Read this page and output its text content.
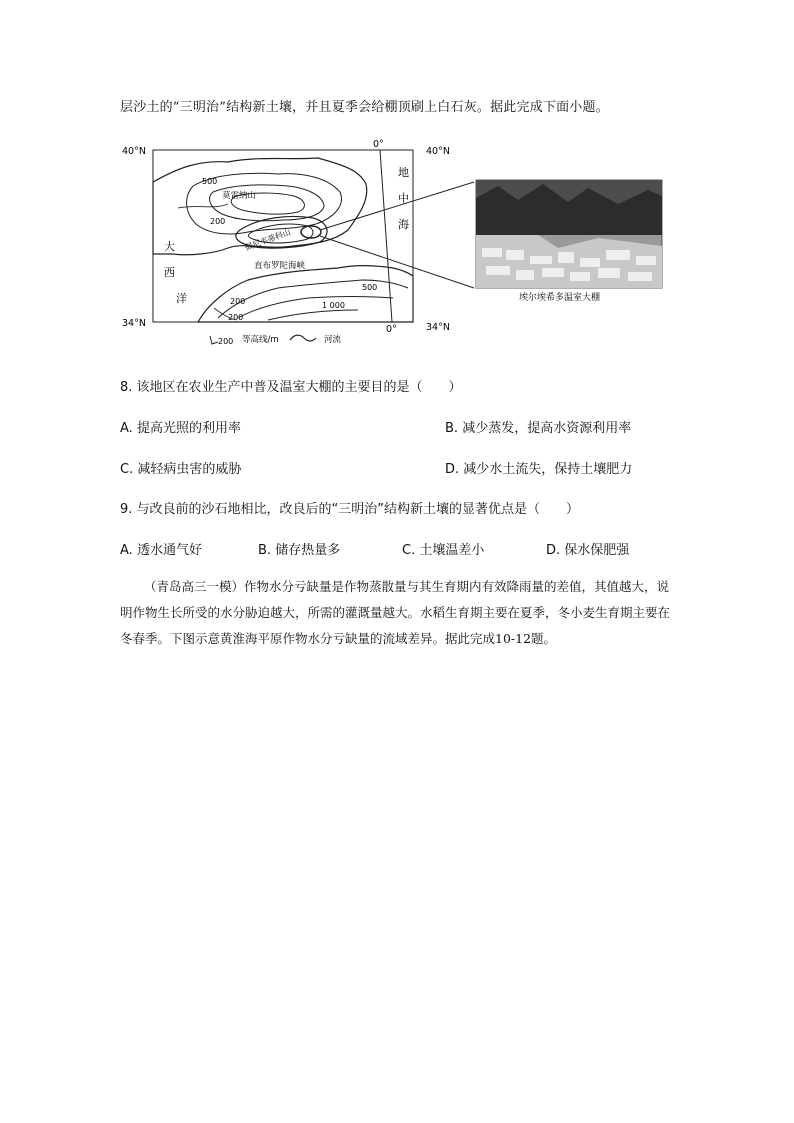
层沙土的“三明治”结构新土壤，并且夏季会给棚顶刷上白石灰。据此完成下面小题。
40°N	40°N
34°N	34°N
0°
0°
地
中
海
大
西
洋
莫雷纳山
佩尼韦蒂科山
直布罗陀海峡
500
200
500
200
200
1 000
埃尔埃希多温室大棚
200 等高线/m	河流
8. 该地区在农业生产中普及温室大棚的主要目的是（　　）
A. 提高光照的利用率	B. 减少蒸发，提高水资源利用率
C. 减轻病虫害的威胁	D. 减少水土流失，保持土壤肥力
9. 与改良前的沙石地相比，改良后的“三明治”结构新土壤的显著优点是（　　）
A. 透水通气好	B. 储存热量多	C. 土壤温差小	D. 保水保肥强
（青岛高三一模）作物水分亏缺量是作物蒸散量与其生育期内有效降雨量的差值，其值越大，说明作物生长所受的水分胁迫越大，所需的灌溉量越大。水稻生育期主要在夏季，冬小麦生育期主要在冬春季。下图示意黄淮海平原作物水分亏缺量的流域差异。据此完成10-12题。
